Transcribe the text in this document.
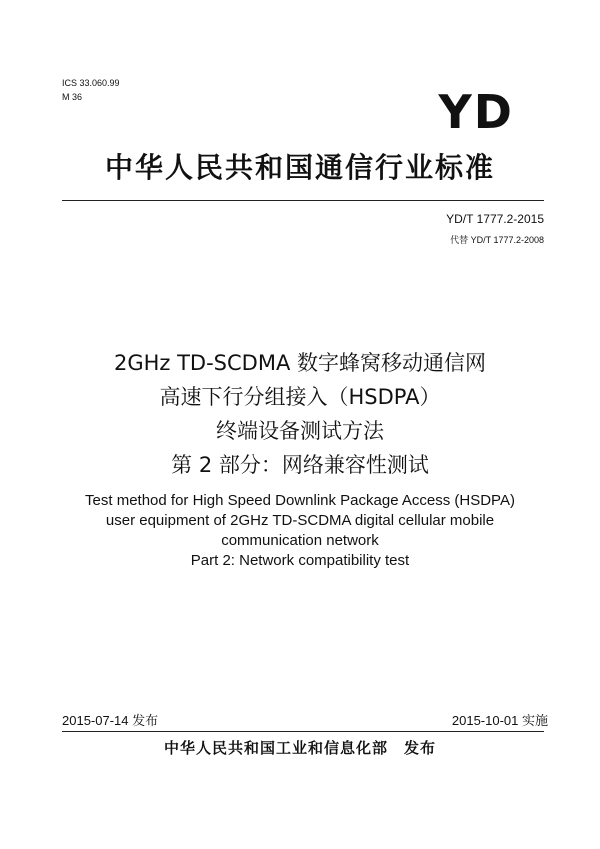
ICS 33.060.99
M 36	YD
中华人民共和国通信行业标准
YD/T 1777.2-2015
代替 YD/T 1777.2-2008
2GHz TD-SCDMA 数字蜂窝移动通信网
高速下行分组接入（HSDPA）
终端设备测试方法
第 2 部分：网络兼容性测试
Test method for High Speed Downlink Package Access (HSDPA)
user equipment of 2GHz TD-SCDMA digital cellular mobile
communication network
Part 2: Network compatibility test
2015-07-14 发布	2015-10-01 实施
中华人民共和国工业和信息化部　发布
